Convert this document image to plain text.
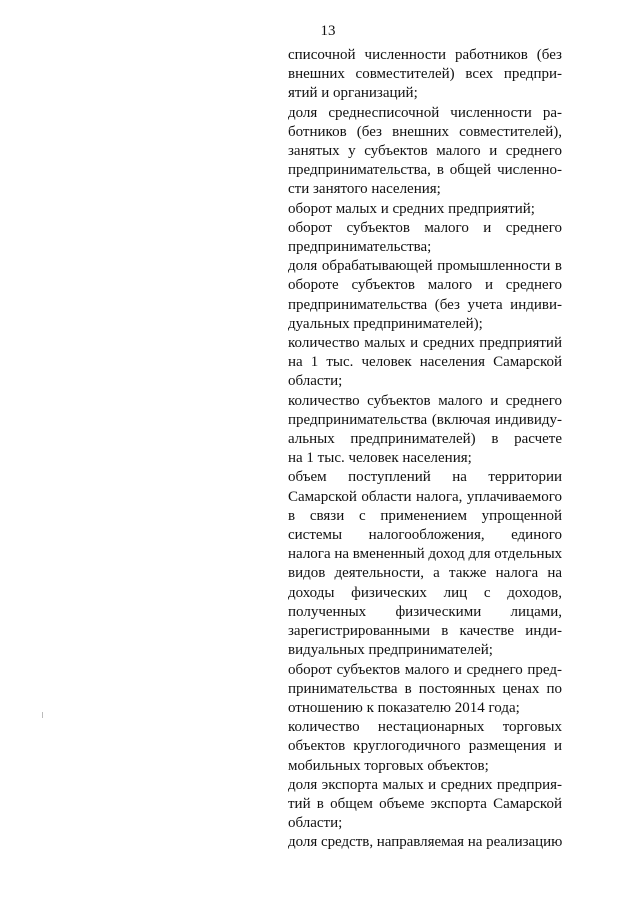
13

списочной численности работников (без
внешних совместителей) всех предпри-
ятий и организаций;

доля среднесписочной численности ра-
ботников (без внешних совместителей),
занятых у субъектов малого и среднего
предпринимательства, в общей численно-
сти занятого населения;

оборот малых и средних предприятий;

оборот субъектов малого и среднего
предпринимательства;

доля обрабатывающей промышленности в
обороте субъектов малого и среднего
предпринимательства (без учета индиви-
дуальных предпринимателей);

количество малых и средних предприятий
на 1 тыс. человек населения Самарской
области;

количество субъектов малого и среднего
предпринимательства (включая индивиду-
альных предпринимателей) в расчете
на 1 тыс. человек населения;

объем поступлений на территории
Самарской области налога, уплачиваемого
в связи с применением упрощенной
системы налогообложения, единого
налога на вмененный доход для отдельных
видов деятельности, а также налога на
доходы физических лиц с доходов,
полученных физическими лицами,
зарегистрированными в качестве инди-
видуальных предпринимателей;

оборот субъектов малого и среднего пред-
принимательства в постоянных ценах по
отношению к показателю 2014 года;

количество нестационарных торговых
объектов круглогодичного размещения и
мобильных торговых объектов;

доля экспорта малых и средних предприя-
тий в общем объеме экспорта Самарской
области;

доля средств, направляемая на реализацию
